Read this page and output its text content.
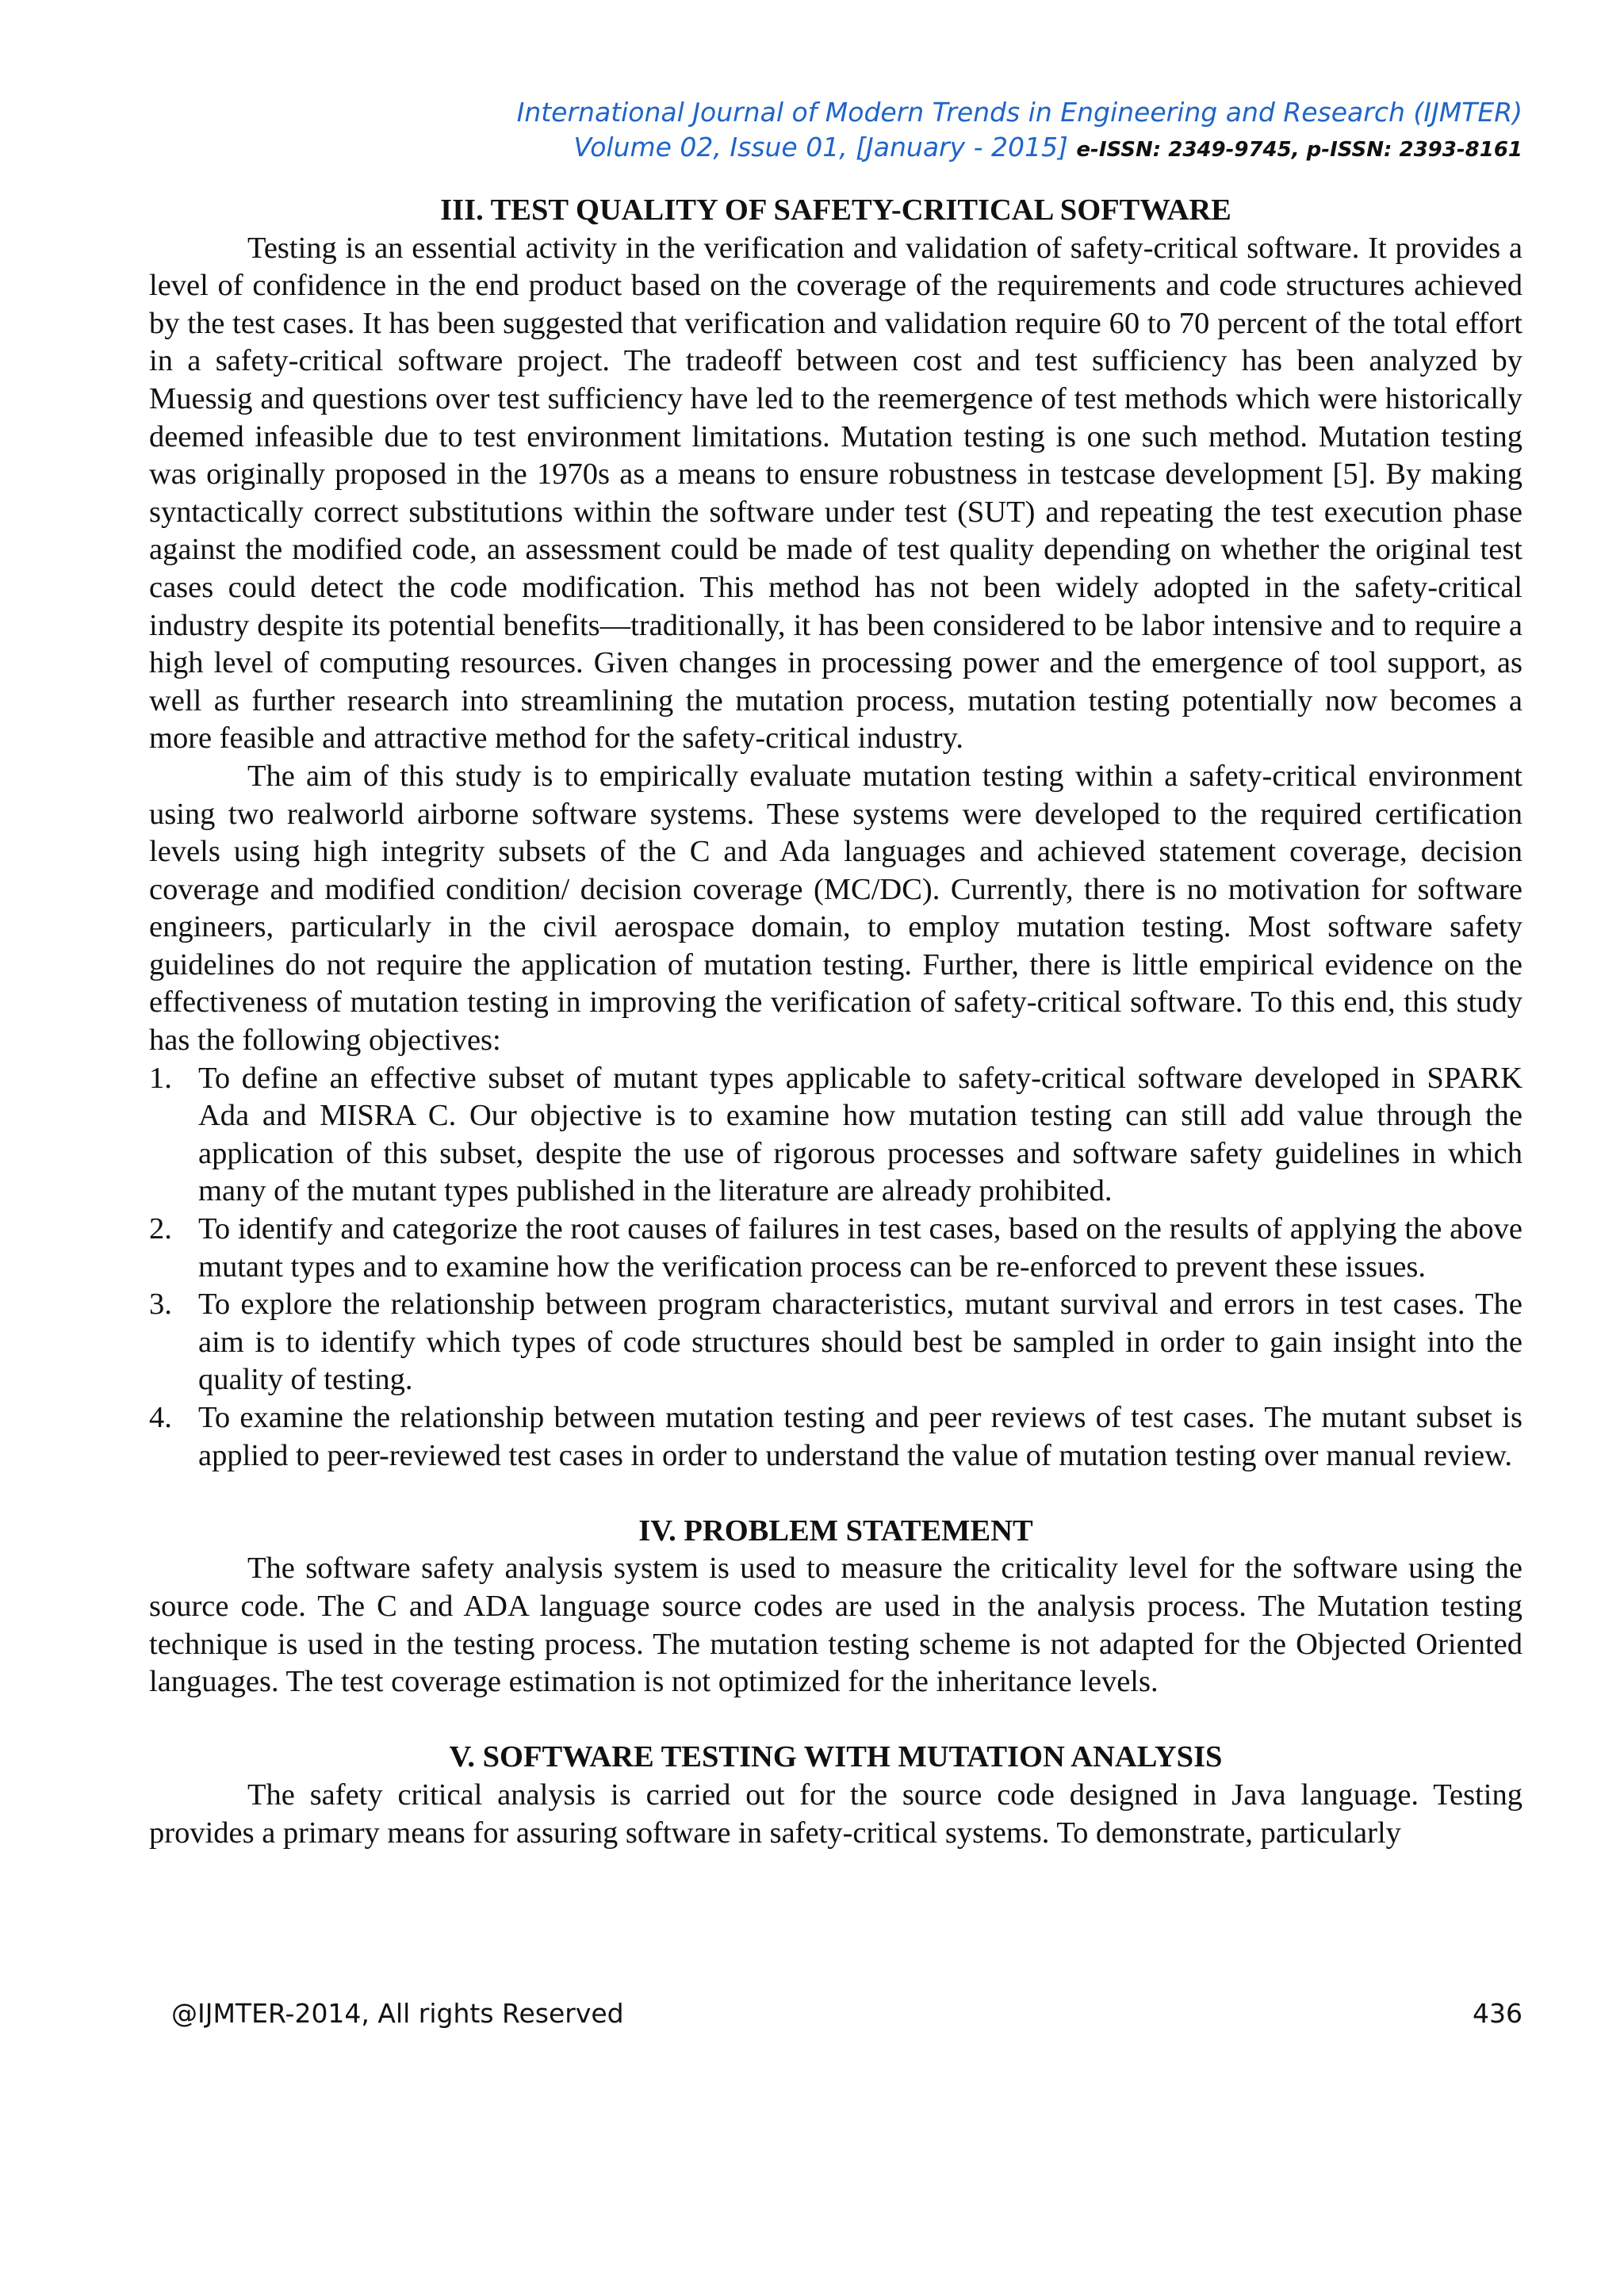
International Journal of Modern Trends in Engineering and Research (IJMTER)
Volume 02, Issue 01, [January - 2015] e-ISSN: 2349-9745, p-ISSN: 2393-8161
III. TEST QUALITY OF SAFETY-CRITICAL SOFTWARE

Testing is an essential activity in the verification and validation of safety-critical software. It provides a level of confidence in the end product based on the coverage of the requirements and code structures achieved by the test cases. It has been suggested that verification and validation require 60 to 70 percent of the total effort in a safety-critical software project. The tradeoff between cost and test sufficiency has been analyzed by Muessig and questions over test sufficiency have led to the reemergence of test methods which were historically deemed infeasible due to test environment limitations. Mutation testing is one such method. Mutation testing was originally proposed in the 1970s as a means to ensure robustness in testcase development [5]. By making syntactically correct substitutions within the software under test (SUT) and repeating the test execution phase against the modified code, an assessment could be made of test quality depending on whether the original test cases could detect the code modification. This method has not been widely adopted in the safety-critical industry despite its potential benefits—traditionally, it has been considered to be labor intensive and to require a high level of computing resources. Given changes in processing power and the emergence of tool support, as well as further research into streamlining the mutation process, mutation testing potentially now becomes a more feasible and attractive method for the safety-critical industry.

The aim of this study is to empirically evaluate mutation testing within a safety-critical environment using two realworld airborne software systems. These systems were developed to the required certification levels using high integrity subsets of the C and Ada languages and achieved statement coverage, decision coverage and modified condition/ decision coverage (MC/DC). Currently, there is no motivation for software engineers, particularly in the civil aerospace domain, to employ mutation testing. Most software safety guidelines do not require the application of mutation testing. Further, there is little empirical evidence on the effectiveness of mutation testing in improving the verification of safety-critical software. To this end, this study has the following objectives:

1. To define an effective subset of mutant types applicable to safety-critical software developed in SPARK Ada and MISRA C. Our objective is to examine how mutation testing can still add value through the application of this subset, despite the use of rigorous processes and software safety guidelines in which many of the mutant types published in the literature are already prohibited.
2. To identify and categorize the root causes of failures in test cases, based on the results of applying the above mutant types and to examine how the verification process can be re-enforced to prevent these issues.
3. To explore the relationship between program characteristics, mutant survival and errors in test cases. The aim is to identify which types of code structures should best be sampled in order to gain insight into the quality of testing.
4. To examine the relationship between mutation testing and peer reviews of test cases. The mutant subset is applied to peer-reviewed test cases in order to understand the value of mutation testing over manual review.
IV. PROBLEM STATEMENT

The software safety analysis system is used to measure the criticality level for the software using the source code. The C and ADA language source codes are used in the analysis process. The Mutation testing technique is used in the testing process. The mutation testing scheme is not adapted for the Objected Oriented languages. The test coverage estimation is not optimized for the inheritance levels.

V. SOFTWARE TESTING WITH MUTATION ANALYSIS

The safety critical analysis is carried out for the source code designed in Java language. Testing provides a primary means for assuring software in safety-critical systems. To demonstrate, particularly

@IJMTER-2014, All rights Reserved	436
